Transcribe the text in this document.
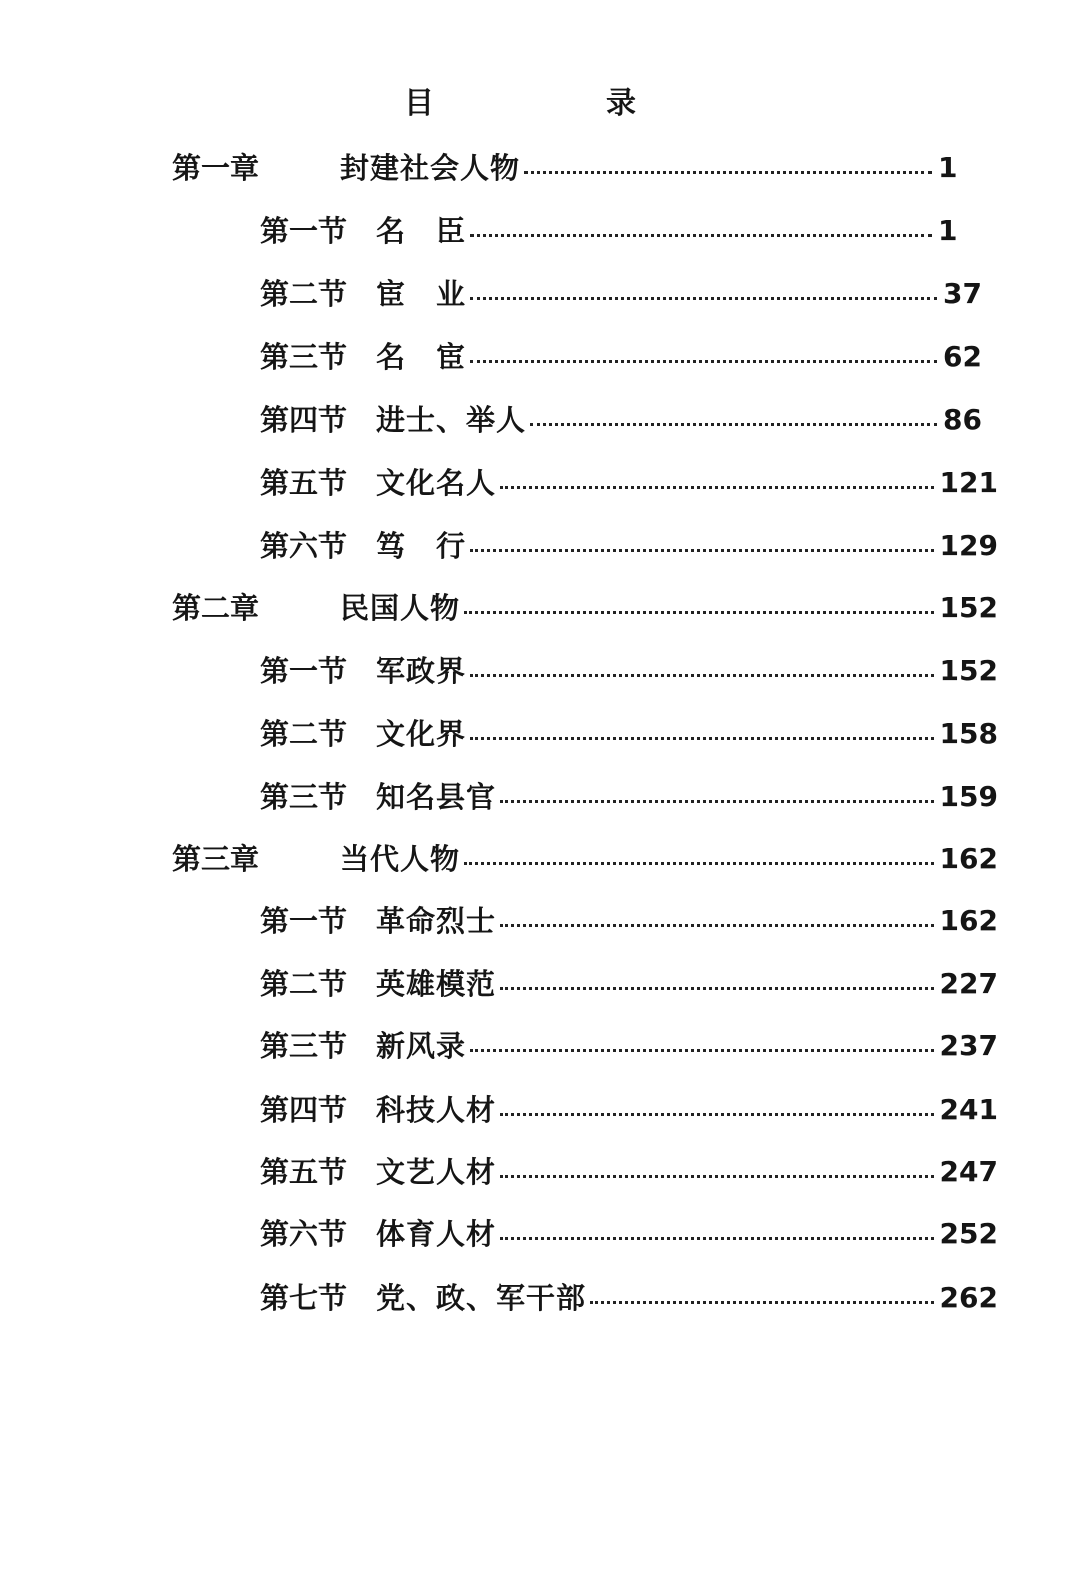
目	录
第一章	封建社会人物	1
第一节 名　臣	1
第二节 宦　业	37
第三节 名　宦	62
第四节 进士、举人	86
第五节 文化名人	121
第六节 笃　行	129
第二章	民国人物	152
第一节 军政界	152
第二节 文化界	158
第三节 知名县官	159
第三章	当代人物	162
第一节 革命烈士	162
第二节 英雄模范	227
第三节 新风录	237
第四节 科技人材	241
第五节 文艺人材	247
第六节 体育人材	252
第七节 党、政、军干部	262
